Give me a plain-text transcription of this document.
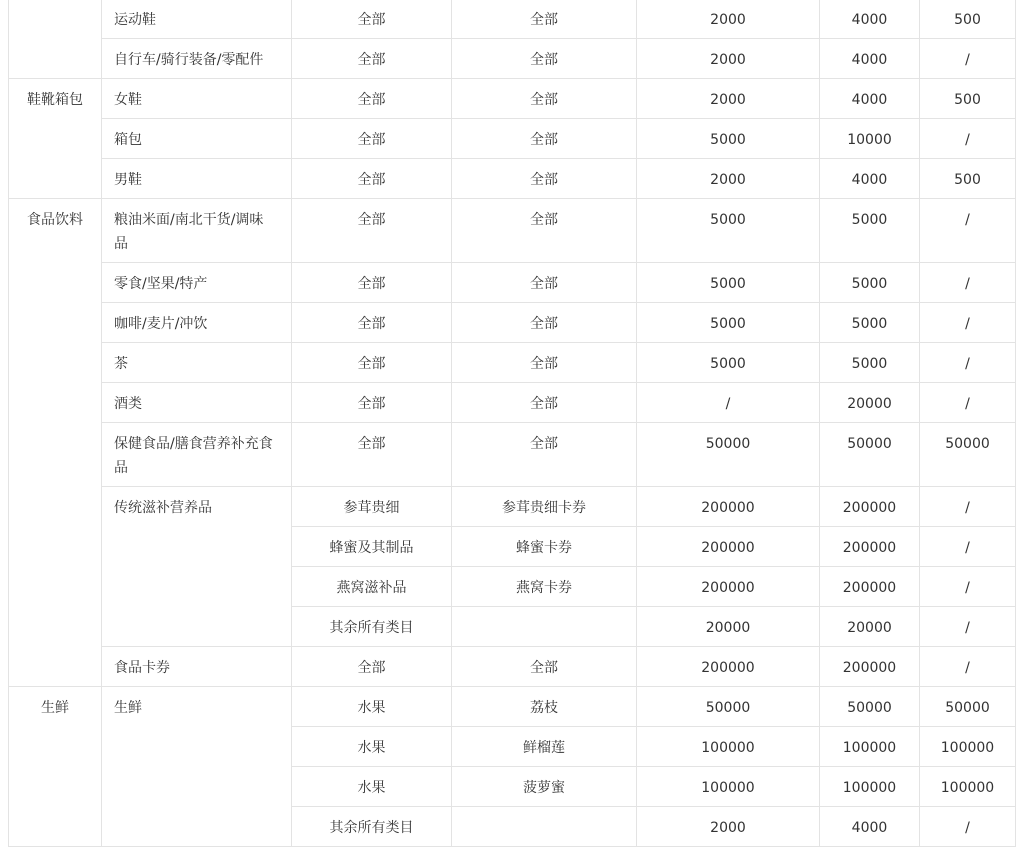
	运动鞋	全部	全部	2000	4000	500
	自行车/骑行装备/零配件	全部	全部	2000	4000	/
鞋靴箱包	女鞋	全部	全部	2000	4000	500
	箱包	全部	全部	5000	10000	/
	男鞋	全部	全部	2000	4000	500
食品饮料	粮油米面/南北干货/调味品	全部	全部	5000	5000	/
	零食/坚果/特产	全部	全部	5000	5000	/
	咖啡/麦片/冲饮	全部	全部	5000	5000	/
	茶	全部	全部	5000	5000	/
	酒类	全部	全部	/	20000	/
	保健食品/膳食营养补充食品	全部	全部	50000	50000	50000
	传统滋补营养品	参茸贵细	参茸贵细卡券	200000	200000	/
		蜂蜜及其制品	蜂蜜卡券	200000	200000	/
		燕窝滋补品	燕窝卡券	200000	200000	/
		其余所有类目		20000	20000	/
	食品卡券	全部	全部	200000	200000	/
生鲜	生鲜	水果	荔枝	50000	50000	50000
		水果	鲜榴莲	100000	100000	100000
		水果	菠萝蜜	100000	100000	100000
		其余所有类目		2000	4000	/
